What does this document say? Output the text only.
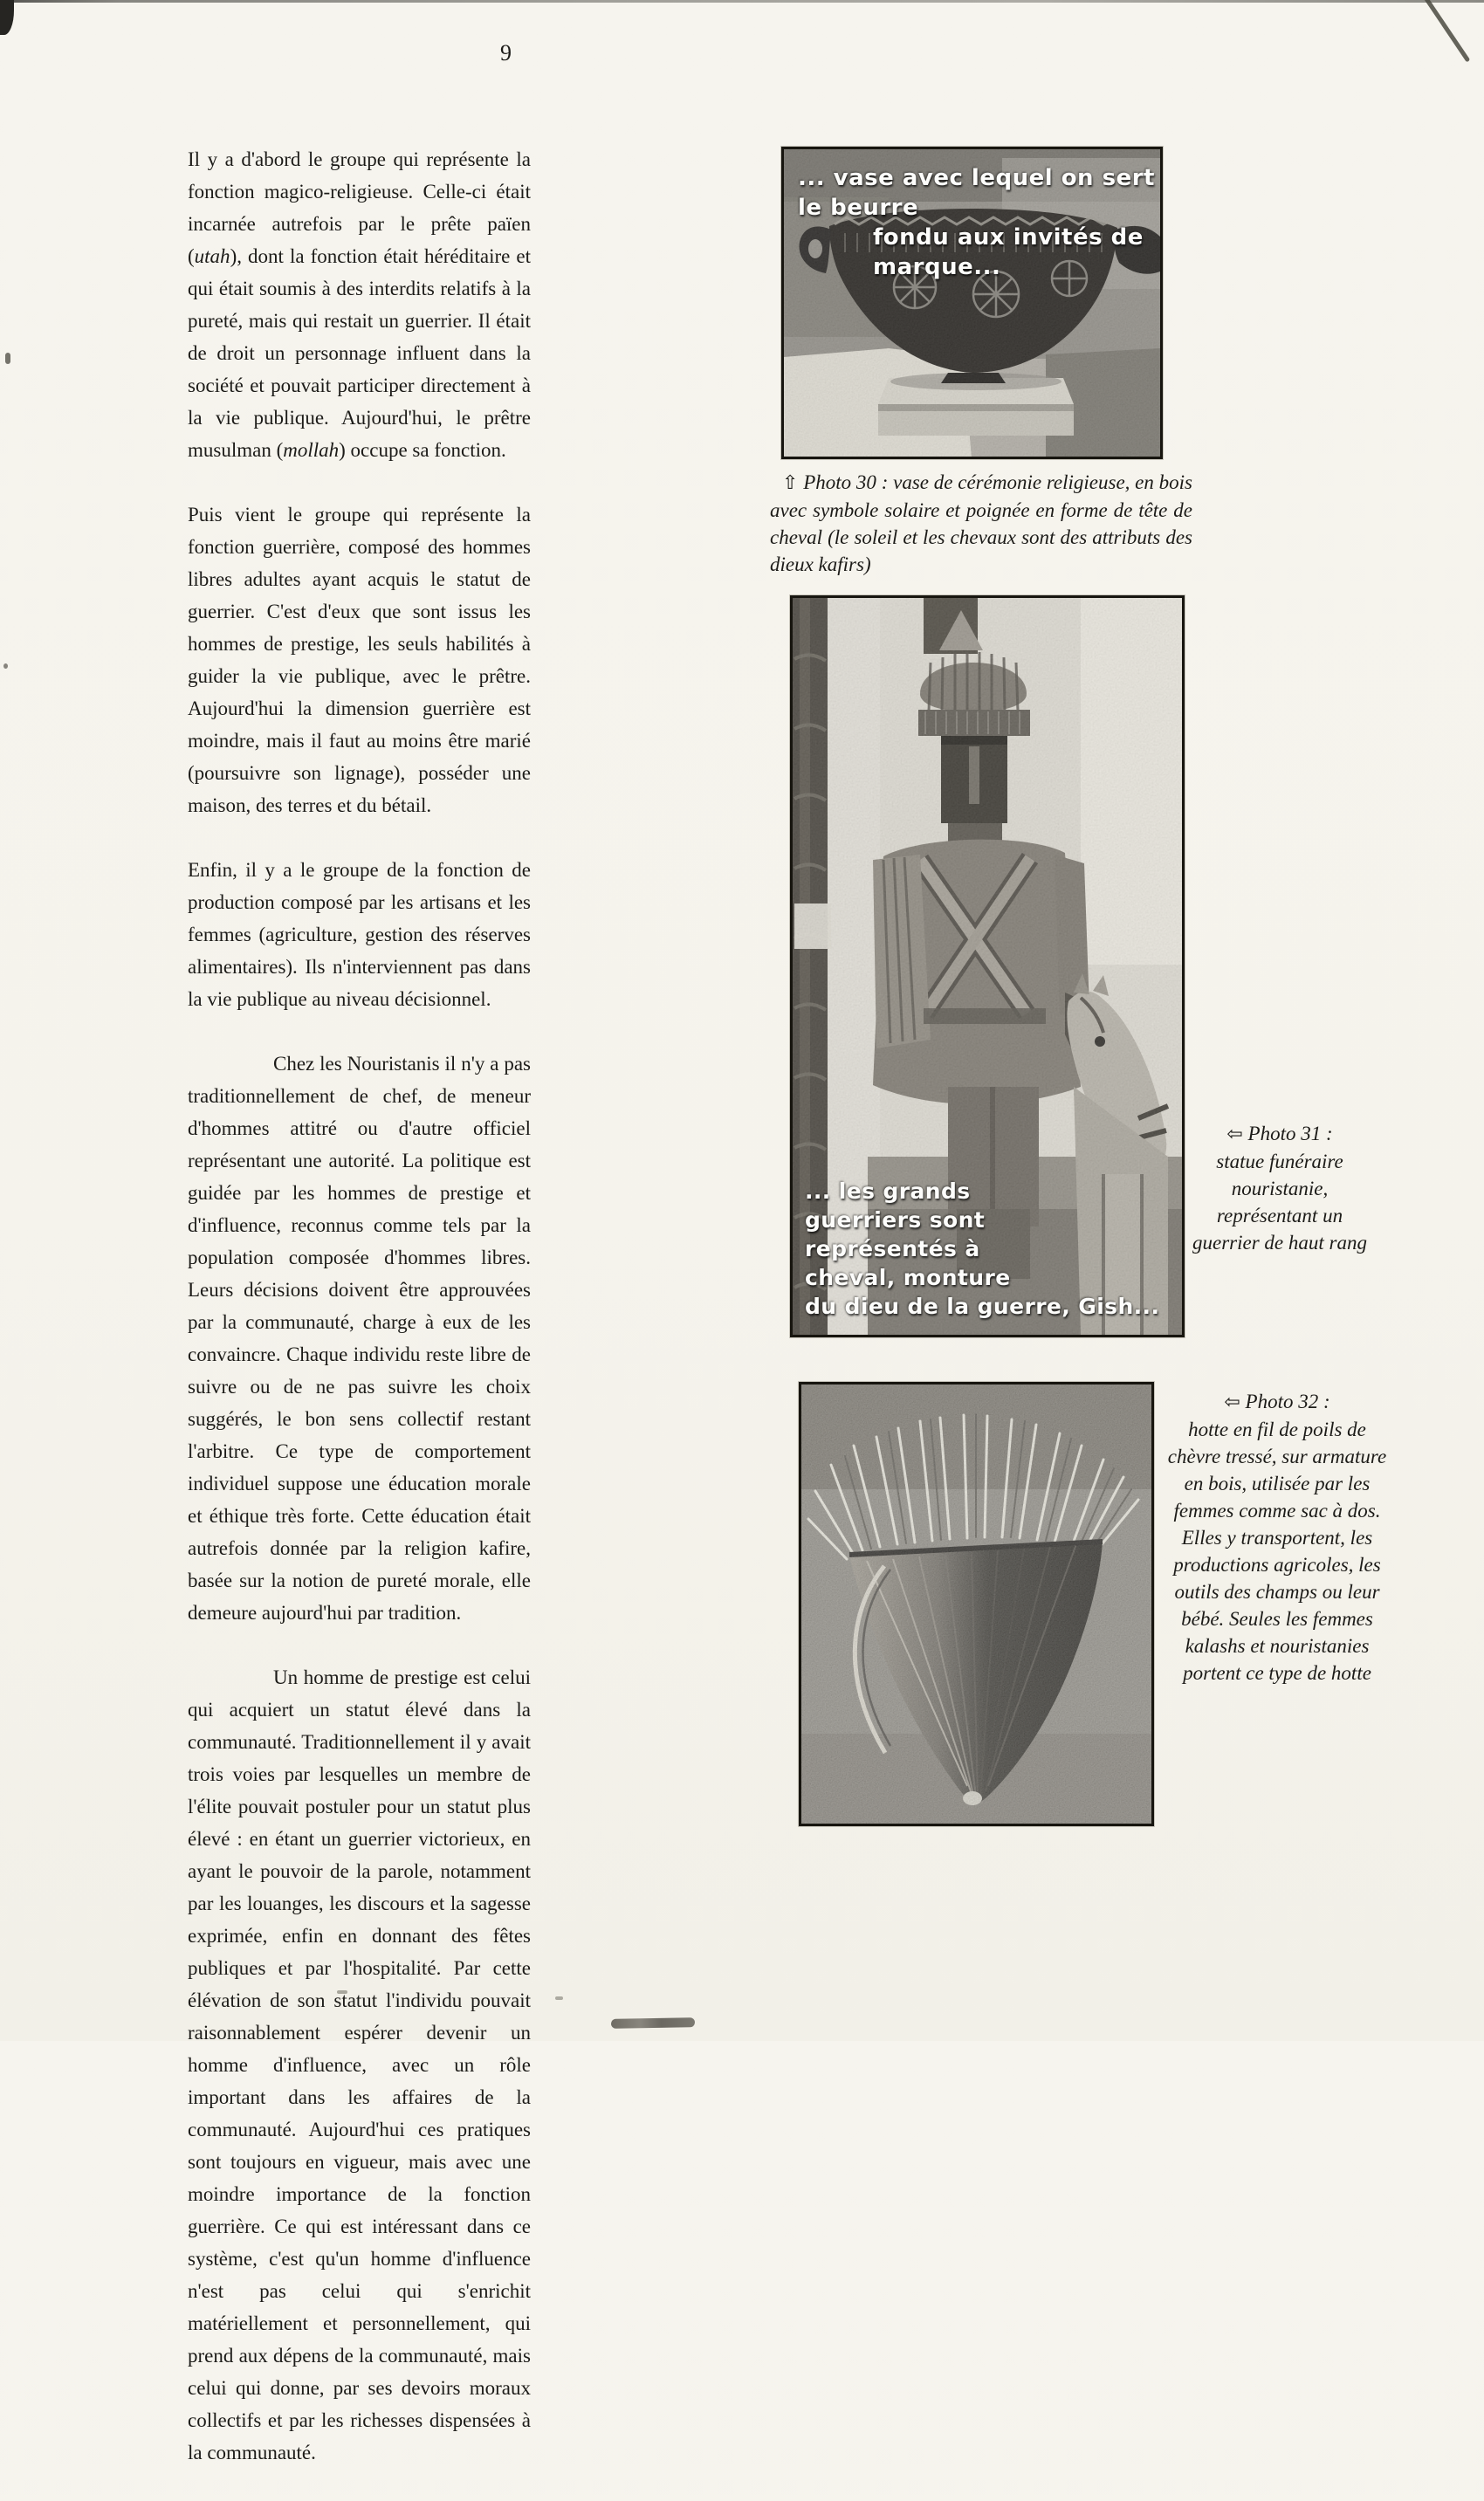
9

Il y a d'abord le groupe qui représente la fonction magico-religieuse. Celle-ci était incarnée autrefois par le prête païen (utah), dont la fonction était héréditaire et qui était soumis à des interdits relatifs à la pureté, mais qui restait un guerrier. Il était de droit un personnage influent dans la société et pouvait participer directement à la vie publique. Aujourd'hui, le prêtre musulman (mollah) occupe sa fonction.

Puis vient le groupe qui représente la fonction guerrière, composé des hommes libres adultes ayant acquis le statut de guerrier. C'est d'eux que sont issus les hommes de prestige, les seuls habilités à guider la vie publique, avec le prêtre. Aujourd'hui la dimension guerrière est moindre, mais il faut au moins être marié (poursuivre son lignage), posséder une maison, des terres et du bétail.

Enfin, il y a le groupe de la fonction de production composé par les artisans et les femmes (agriculture, gestion des réserves alimentaires). Ils n'interviennent pas dans la vie publique au niveau décisionnel.

Chez les Nouristanis il n'y a pas traditionnellement de chef, de meneur d'hommes attitré ou d'autre officiel représentant une autorité. La politique est guidée par les hommes de prestige et d'influence, reconnus comme tels par la population composée d'hommes libres. Leurs décisions doivent être approuvées par la communauté, charge à eux de les convaincre. Chaque individu reste libre de suivre ou de ne pas suivre les choix suggérés, le bon sens collectif restant l'arbitre. Ce type de comportement individuel suppose une éducation morale et éthique très forte. Cette éducation était autrefois donnée par la religion kafire, basée sur la notion de pureté morale, elle demeure aujourd'hui par tradition.

Un homme de prestige est celui qui acquiert un statut élevé dans la communauté. Traditionnellement il y avait trois voies par lesquelles un membre de l'élite pouvait postuler pour un statut plus élevé : en étant un guerrier victorieux, en ayant le pouvoir de la parole, notamment par les louanges, les discours et la sagesse exprimée, enfin en donnant des fêtes publiques et par l'hospitalité. Par cette élévation de son statut l'individu pouvait raisonnablement espérer devenir un homme d'influence, avec un rôle important dans les affaires de la communauté. Aujourd'hui ces pratiques sont toujours en vigueur, mais avec une moindre importance de la fonction guerrière. Ce qui est intéressant dans ce système, c'est qu'un homme d'influence n'est pas celui qui s'enrichit matériellement et personnellement, qui prend aux dépens de la communauté, mais celui qui donne, par ses devoirs moraux collectifs et par les richesses dispensées à la communauté.

... vase avec lequel on sert le beurre
fondu aux invités de marque...
⇧ Photo 30 : vase de cérémonie religieuse, en bois avec symbole solaire et poignée en forme de tête de cheval (le soleil et les chevaux sont des attributs des dieux kafirs)
... les grands
guerriers sont
représentés à
cheval, monture
du dieu de la guerre, Gish...
⇦ Photo 31 :
statue funéraire nouristanie, représentant un guerrier de haut rang
⇦ Photo 32 :
hotte en fil de poils de chèvre tressé, sur armature en bois, utilisée par les femmes comme sac à dos. Elles y transportent, les productions agricoles, les outils des champs ou leur bébé. Seules les femmes kalashs et nouristanies portent ce type de hotte
